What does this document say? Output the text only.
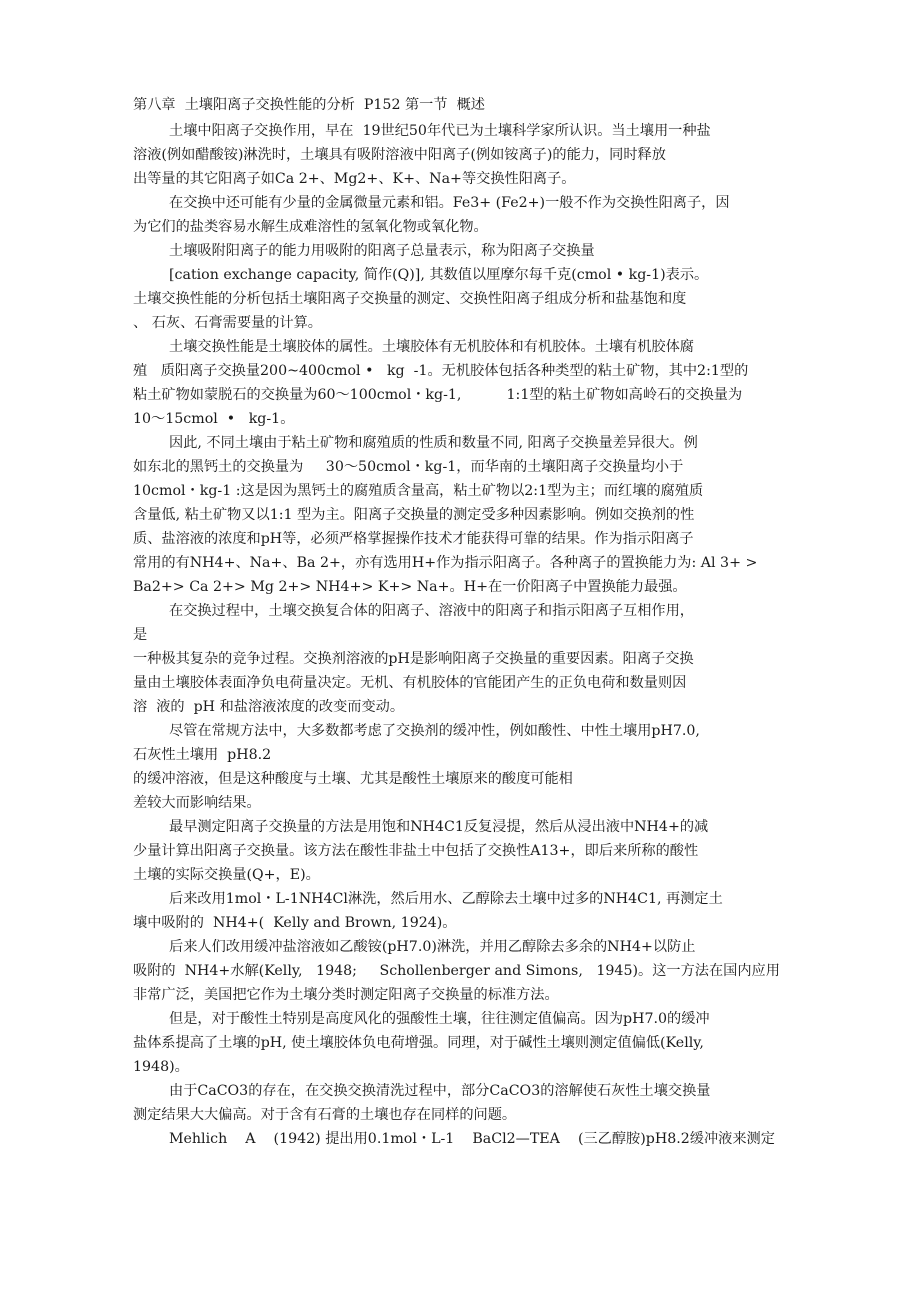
第八章  土壤阳离子交换性能的分析  P152 第一节  概述
土壤中阳离子交换作用，早在  19世纪50年代已为土壤科学家所认识。当土壤用一种盐
溶液(例如醋酸铵)淋洗时，土壤具有吸附溶液中阳离子(例如铵离子)的能力，同时释放
出等量的其它阳离子如Ca 2+、Mg2+、K+、Na+等交换性阳离子。
在交换中还可能有少量的金属微量元素和铝。Fe3+ (Fe2+)一般不作为交换性阳离子，因
为它们的盐类容易水解生成难溶性的氢氧化物或氧化物。
土壤吸附阳离子的能力用吸附的阳离子总量表示，称为阳离子交换量
[cation exchange capacity, 简作(Q)], 其数值以厘摩尔每千克(cmol • kg-1)表示。
土壤交换性能的分析包括土壤阳离子交换量的测定、交换性阳离子组成分析和盐基饱和度
、 石灰、石膏需要量的计算。
土壤交换性能是土壤胶体的属性。土壤胶体有无机胶体和有机胶体。土壤有机胶体腐
殖   质阳离子交换量200~400cmol •   kg  -1。无机胶体包括各种类型的粘土矿物，其中2:1型的
粘土矿物如蒙脱石的交换量为60～100cmol・kg-1,          1:1型的粘土矿物如高岭石的交换量为
10～15cmol  •   kg-1。
因此, 不同土壤由于粘土矿物和腐殖质的性质和数量不同, 阳离子交换量差异很大。例
如东北的黑钙土的交换量为     30～50cmol・kg-1，而华南的土壤阳离子交换量均小于
10cmol・kg-1 :这是因为黑钙土的腐殖质含量高，粘土矿物以2:1型为主；而红壤的腐殖质
含量低, 粘土矿物又以1:1 型为主。阳离子交换量的测定受多种因素影响。例如交换剂的性
质、盐溶液的浓度和pH等，必须严格掌握操作技术才能获得可靠的结果。作为指示阳离子
常用的有NH4+、Na+、Ba 2+，亦有选用H+作为指示阳离子。各种离子的置换能力为: Al 3+ >
Ba2+> Ca 2+> Mg 2+> NH4+> K+> Na+。H+在一价阳离子中置换能力最强。
在交换过程中，土壤交换复合体的阳离子、溶液中的阳离子和指示阳离子互相作用，
是
一种极其复杂的竞争过程。交换剂溶液的pH是影响阳离子交换量的重要因素。阳离子交换
量由土壤胶体表面净负电荷量决定。无机、有机胶体的官能团产生的正负电荷和数量则因
溶  液的  pH 和盐溶液浓度的改变而变动。
尽管在常规方法中，大多数都考虑了交换剂的缓冲性，例如酸性、中性土壤用pH7.0,
石灰性土壤用  pH8.2
的缓冲溶液，但是这种酸度与土壤、尤其是酸性土壤原来的酸度可能相
差较大而影响结果。
最早测定阳离子交换量的方法是用饱和NH4C1反复浸提，然后从浸出液中NH4+的减
少量计算出阳离子交换量。该方法在酸性非盐土中包括了交换性A13+，即后来所称的酸性
土壤的实际交换量(Q+，E)。
后来改用1mol・L-1NH4Cl淋洗，然后用水、乙醇除去土壤中过多的NH4C1, 再测定土
壤中吸附的  NH4+(  Kelly and Brown, 1924)。
后来人们改用缓冲盐溶液如乙酸铵(pH7.0)淋洗，并用乙醇除去多余的NH4+以防止
吸附的  NH4+水解(Kelly,   1948;     Schollenberger and Simons,   1945)。这一方法在国内应用
非常广泛，美国把它作为土壤分类时测定阳离子交换量的标准方法。
但是，对于酸性土特别是高度风化的强酸性土壤，往往测定值偏高。因为pH7.0的缓冲
盐体系提高了土壤的pH, 使土壤胶体负电荷增强。同理，对于碱性土壤则测定值偏低(Kelly,
1948)。
由于CaCO3的存在，在交换交换清洗过程中，部分CaCO3的溶解使石灰性土壤交换量
测定结果大大偏高。对于含有石膏的土壤也存在同样的问题。
Mehlich    A    (1942) 提出用0.1mol・L-1    BaCl2—TEA    (三乙醇胺)pH8.2缓冲液来测定
